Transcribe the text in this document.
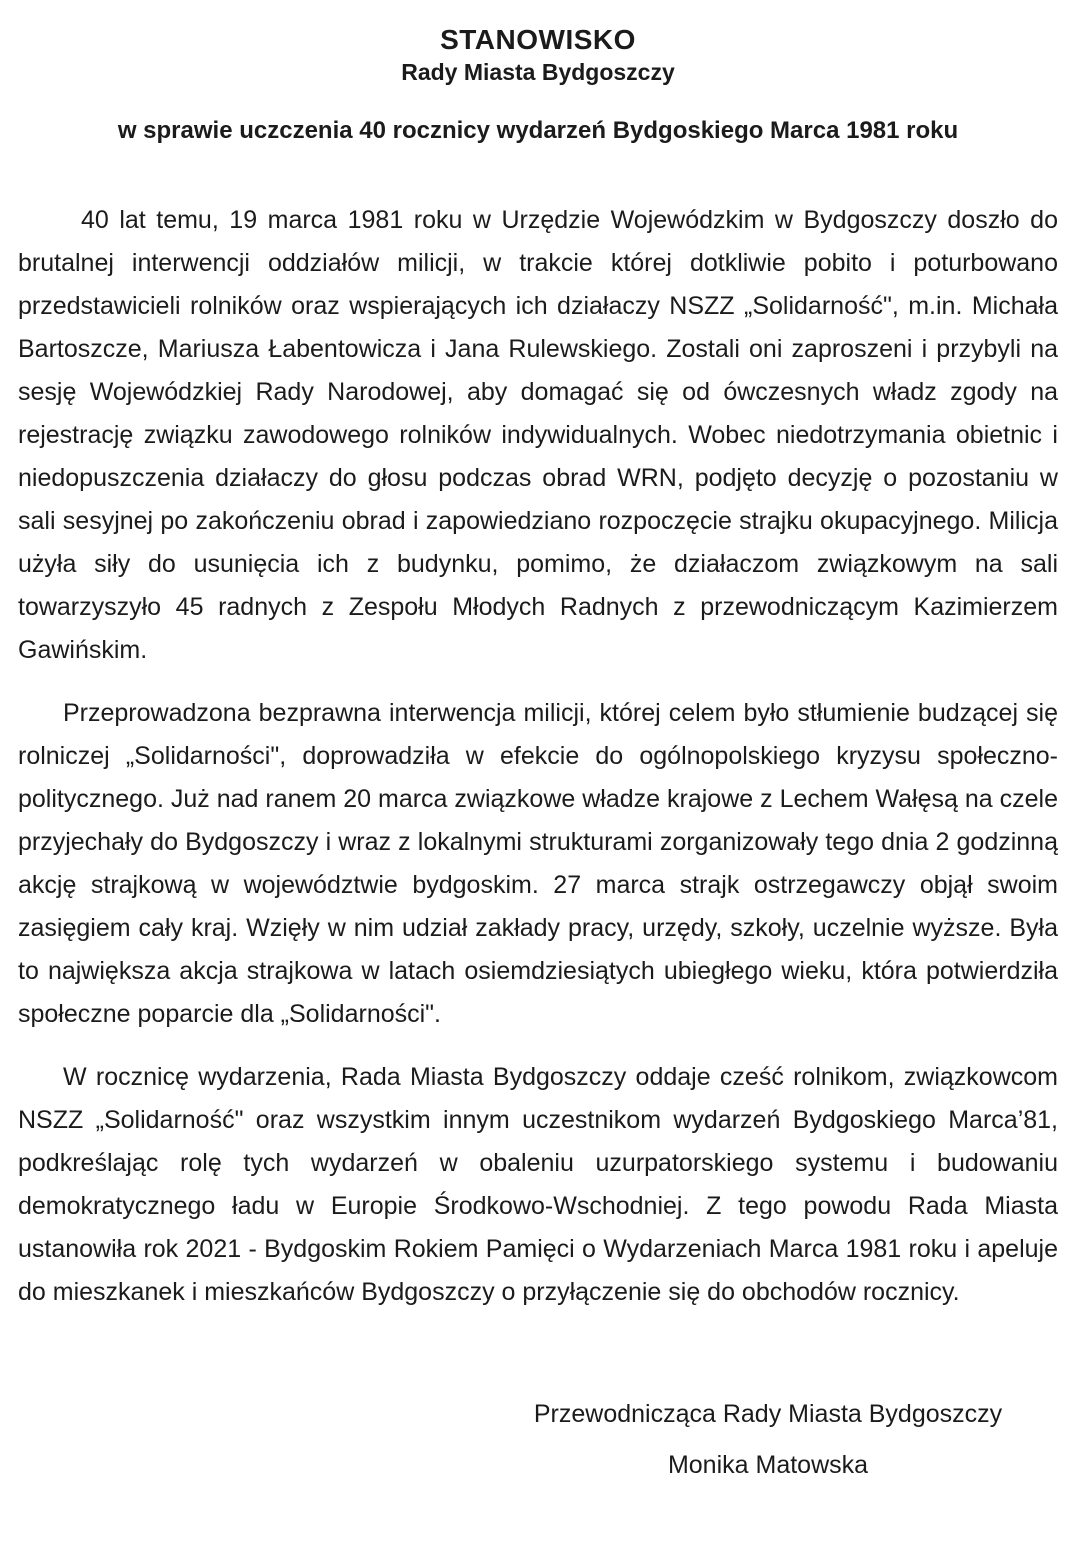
STANOWISKO
Rady Miasta Bydgoszczy
w sprawie uczczenia 40 rocznicy wydarzeń Bydgoskiego Marca 1981 roku

40 lat temu, 19 marca 1981 roku w Urzędzie Wojewódzkim w Bydgoszczy doszło do brutalnej interwencji oddziałów milicji, w trakcie której dotkliwie pobito i poturbowano przedstawicieli rolników oraz wspierających ich działaczy NSZZ „Solidarność", m.in. Michała Bartoszcze, Mariusza Łabentowicza i Jana Rulewskiego. Zostali oni zaproszeni i przybyli na sesję Wojewódzkiej Rady Narodowej, aby domagać się od ówczesnych władz zgody na rejestrację związku zawodowego rolników indywidualnych. Wobec niedotrzymania obietnic i niedopuszczenia działaczy do głosu podczas obrad WRN, podjęto decyzję o pozostaniu w sali sesyjnej po zakończeniu obrad i zapowiedziano rozpoczęcie strajku okupacyjnego. Milicja użyła siły do usunięcia ich z budynku, pomimo, że działaczom związkowym na sali towarzyszyło 45 radnych z Zespołu Młodych Radnych z przewodniczącym Kazimierzem Gawińskim.

Przeprowadzona bezprawna interwencja milicji, której celem było stłumienie budzącej się rolniczej „Solidarności", doprowadziła w efekcie do ogólnopolskiego kryzysu społeczno-politycznego. Już nad ranem 20 marca związkowe władze krajowe z Lechem Wałęsą na czele przyjechały do Bydgoszczy i wraz z lokalnymi strukturami zorganizowały tego dnia 2 godzinną akcję strajkową w województwie bydgoskim. 27 marca strajk ostrzegawczy objął swoim zasięgiem cały kraj. Wzięły w nim udział zakłady pracy, urzędy, szkoły, uczelnie wyższe. Była to największa akcja strajkowa w latach osiemdziesiątych ubiegłego wieku, która potwierdziła społeczne poparcie dla „Solidarności".

W rocznicę wydarzenia, Rada Miasta Bydgoszczy oddaje cześć rolnikom, związkowcom NSZZ „Solidarność" oraz wszystkim innym uczestnikom wydarzeń Bydgoskiego Marca’81, podkreślając rolę tych wydarzeń w obaleniu uzurpatorskiego systemu i budowaniu demokratycznego ładu w Europie Środkowo-Wschodniej. Z tego powodu Rada Miasta ustanowiła rok 2021 - Bydgoskim Rokiem Pamięci o Wydarzeniach Marca 1981 roku i apeluje do mieszkanek i mieszkańców Bydgoszczy o przyłączenie się do obchodów rocznicy.

Przewodnicząca Rady Miasta Bydgoszczy
Monika Matowska
